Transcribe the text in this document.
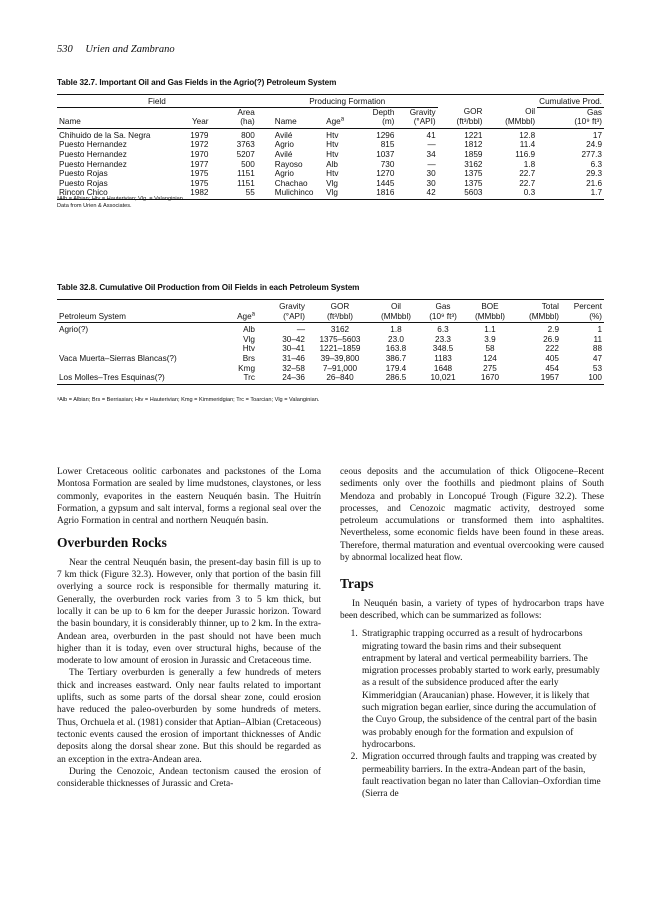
530 Urien and Zambrano
Table 32.7. Important Oil and Gas Fields in the Agrio(?) Petroleum System
Field			Producing Formation						Cumulative Prod.
		Area			Depth	Gravity	GOR	Oil	Gas
Name	Year	(ha)	Name	Age$^a$	(m)	(°API)	(ft³/bbl)	(MMbbl)	(10⁹ ft³)
Chihuido de la Sa. Negra	1979	800	Avilé	Htv	1296	41	1221	12.8	17
Puesto Hernandez	1972	3763	Agrio	Htv	815	—	1812	11.4	24.9
Puesto Hernandez	1970	5207	Avilé	Htv	1037	34	1859	116.9	277.3
Puesto Hernandez	1977	500	Rayoso	Alb	730	—	3162	1.8	6.3
Puesto Rojas	1975	1151	Agrio	Htv	1270	30	1375	22.7	29.3
Puesto Rojas	1975	1151	Chachao	Vlg	1445	30	1375	22.7	21.6
Rincon Chico	1982	55	Mulichinco	Vlg	1816	42	5603	0.3	1.7
ᵃAlb = Albian; Htv = Hauterivian; Vlg. = Valanginian.
Data from Urien & Associates.
Table 32.8. Cumulative Oil Production from Oil Fields in each Petroleum System
		Gravity	GOR	Oil	Gas	BOE	Total	Percent
Petroleum System	Age$^a$	(°API)	(ft³/bbl)	(MMbbl)	(10⁹ ft³)	(MMbbl)	(MMbbl)	(%)
Agrio(?)	Alb	—	3162	1.8	6.3	1.1	2.9	1
	Vlg	30–42	1375–5603	23.0	23.3	3.9	26.9	11
	Htv	30–41	1221–1859	163.8	348.5	58	222	88
Vaca Muerta–Sierras Blancas(?)	Brs	31–46	39–39,800	386.7	1183	124	405	47
	Kmg	32–58	7–91,000	179.4	1648	275	454	53
Los Molles–Tres Esquinas(?)	Trc	24–36	26–840	286.5	10,021	1670	1957	100
ᵃAlb = Albian; Brs = Berriasian; Htv = Hauterivian; Kmg = Kimmeridgian; Trc = Toarcian; Vlg = Valanginian.

Lower Cretaceous oolitic carbonates and packstones of the Loma Montosa Formation are sealed by lime mudstones, claystones, or less commonly, evaporites in the eastern Neuquén basin. The Huitrín Formation, a gypsum and salt interval, forms a regional seal over the Agrio Formation in central and northern Neuquén basin.

Overburden Rocks

Near the central Neuquén basin, the present-day basin fill is up to 7 km thick (Figure 32.3). However, only that portion of the basin fill overlying a source rock is responsible for thermally maturing it. Generally, the overburden rock varies from 3 to 5 km thick, but locally it can be up to 6 km for the deeper Jurassic horizon. Toward the basin boundary, it is considerably thinner, up to 2 km. In the extra-Andean area, overburden in the past should not have been much higher than it is today, even over structural highs, because of the moderate to low amount of erosion in Jurassic and Cretaceous time.

The Tertiary overburden is generally a few hundreds of meters thick and increases eastward. Only near faults related to important uplifts, such as some parts of the dorsal shear zone, could erosion have reduced the paleo-overburden by some hundreds of meters. Thus, Orchuela et al. (1981) consider that Aptian–Albian (Cretaceous) tectonic events caused the erosion of important thicknesses of Andic deposits along the dorsal shear zone. But this should be regarded as an exception in the extra-Andean area.

During the Cenozoic, Andean tectonism caused the erosion of considerable thicknesses of Jurassic and Creta-

ceous deposits and the accumulation of thick Oligocene–Recent sediments only over the foothills and piedmont plains of South Mendoza and probably in Loncopué Trough (Figure 32.2). These processes, and Cenozoic magmatic activity, destroyed some petroleum accumulations or transformed them into asphaltites. Nevertheless, some economic fields have been found in these areas. Therefore, thermal maturation and eventual overcooking were caused by abnormal localized heat flow.

Traps

In Neuquén basin, a variety of types of hydrocarbon traps have been described, which can be summarized as follows:

1. Stratigraphic trapping occurred as a result of hydrocarbons migrating toward the basin rims and their subsequent entrapment by lateral and vertical permeability barriers. The migration processes probably started to work early, presumably as a result of the subsidence produced after the early Kimmeridgian (Araucanian) phase. However, it is likely that such migration began earlier, since during the accumulation of the Cuyo Group, the subsidence of the central part of the basin was probably enough for the formation and expulsion of hydrocarbons.
2. Migration occurred through faults and trapping was created by permeability barriers. In the extra-Andean part of the basin, fault reactivation began no later than Callovian–Oxfordian time (Sierra de
